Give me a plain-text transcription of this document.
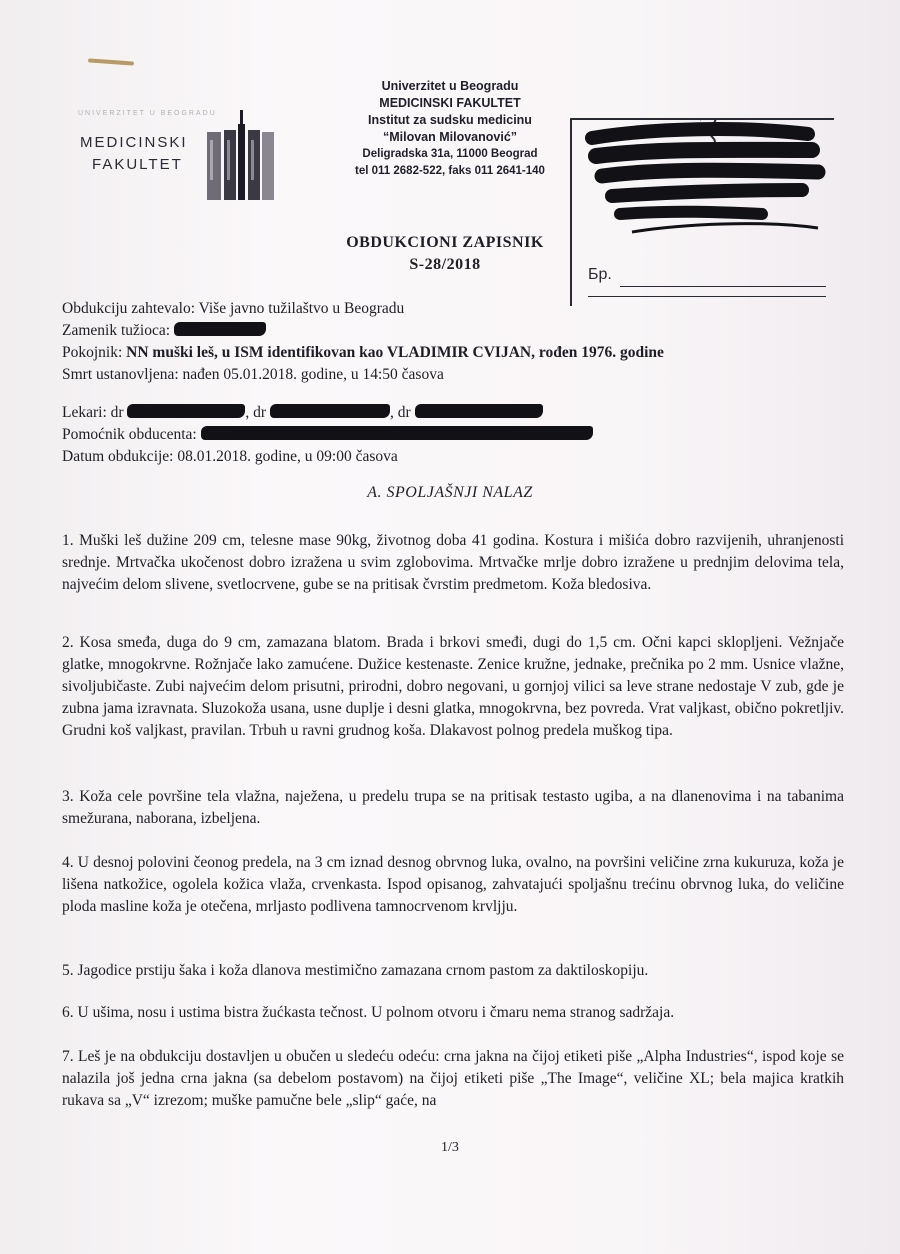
UNIVERZITET U BEOGRADU
MEDICINSKI
FAKULTET
Univerzitet u Beogradu
MEDICINSKI FAKULTET
Institut za sudsku medicinu
“Milovan Milovanović”
Deligradska 31a, 11000 Beograd
tel 011 2682-522, faks 011 2641-140
Бр.
OBDUKCIONI ZAPISNIK
S-28/2018
Obdukciju zahtevalo: Više javno tužilaštvo u Beogradu
Zamenik tužioca:
Pokojnik: NN muški leš, u ISM identifikovan kao VLADIMIR CVIJAN, rođen 1976. godine
Smrt ustanovljena: nađen 05.01.2018. godine, u 14:50 časova
Lekari: dr	, dr	, dr
Pomoćnik obducenta:
Datum obdukcije: 08.01.2018. godine, u 09:00 časova
A. SPOLJAŠNJI NALAZ
1. Muški leš dužine 209 cm, telesne mase 90kg, životnog doba 41 godina. Kostura i mišića dobro razvijenih, uhranjenosti srednje. Mrtvačka ukočenost dobro izražena u svim zglobovima. Mrtvačke mrlje dobro izražene u prednjim delovima tela, najvećim delom slivene, svetlocrvene, gube se na pritisak čvrstim predmetom. Koža bledosiva.
2. Kosa smeđa, duga do 9 cm, zamazana blatom. Brada i brkovi smeđi, dugi do 1,5 cm. Očni kapci sklopljeni. Vežnjače glatke, mnogokrvne. Rožnjače lako zamućene. Dužice kestenaste. Zenice kružne, jednake, prečnika po 2 mm. Usnice vlažne, sivoljubičaste. Zubi najvećim delom prisutni, prirodni, dobro negovani, u gornjoj vilici sa leve strane nedostaje V zub, gde je zubna jama izravnata. Sluzokoža usana, usne duplje i desni glatka, mnogokrvna, bez povreda. Vrat valjkast, obično pokretljiv. Grudni koš valjkast, pravilan. Trbuh u ravni grudnog koša. Dlakavost polnog predela muškog tipa.
3. Koža cele površine tela vlažna, naježena, u predelu trupa se na pritisak testasto ugiba, a na dlanenovima i na tabanima smežurana, naborana, izbeljena.
4. U desnoj polovini čeonog predela, na 3 cm iznad desnog obrvnog luka, ovalno, na površini veličine zrna kukuruza, koža je lišena natkožice, ogolela kožica vlaža, crvenkasta. Ispod opisanog, zahvatajući spoljašnu trećinu obrvnog luka, do veličine ploda masline koža je otečena, mrljasto podlivena tamnocrvenom krvljju.
5. Jagodice prstiju šaka i koža dlanova mestimično zamazana crnom pastom za daktiloskopiju.
6. U ušima, nosu i ustima bistra žućkasta tečnost. U polnom otvoru i čmaru nema stranog sadržaja.
7. Leš je na obdukciju dostavljen u obučen u sledeću odeću: crna jakna na čijoj etiketi piše „Alpha Industries“, ispod koje se nalazila još jedna crna jakna (sa debelom postavom) na čijoj etiketi piše „The Image“, veličine XL; bela majica kratkih rukava sa „V“ izrezom; muške pamučne bele „slip“ gaće, na
1/3
